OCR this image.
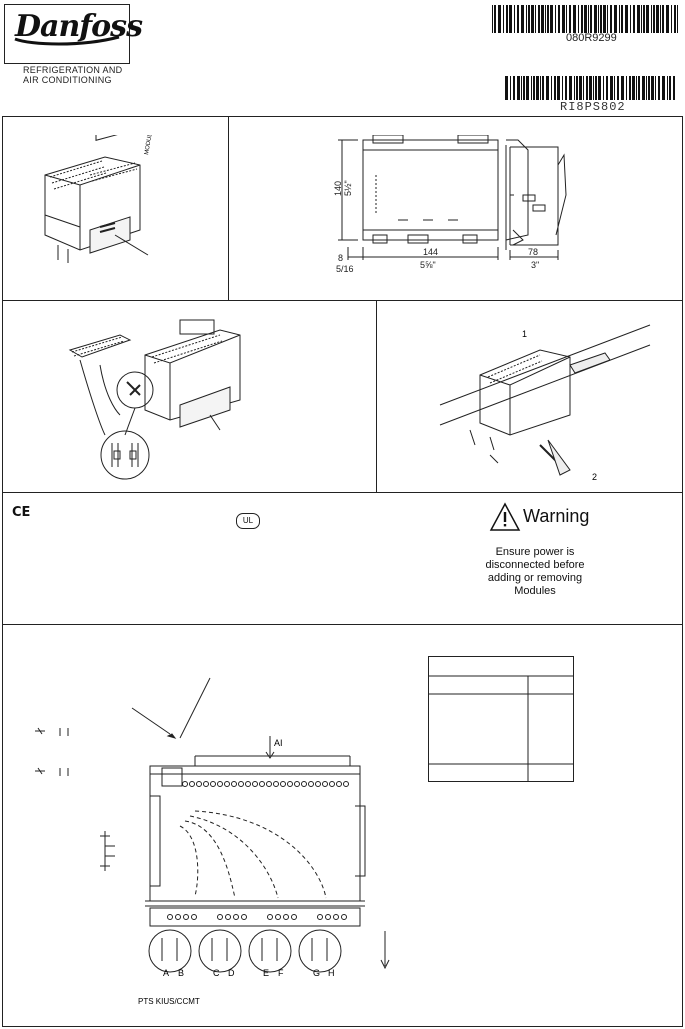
Danfoss
REFRIGERATION AND
AIR CONDITIONING
080R9299
RI8PS802
MODULE
140 5½"
8
5/16
144
5⅝"
78
3"
1
2
CE
UL	Warning
Ensure power is
disconnected before
adding or removing
Modules
AI
A B	C D	E F	G H
PTS KIUS/CCMT
